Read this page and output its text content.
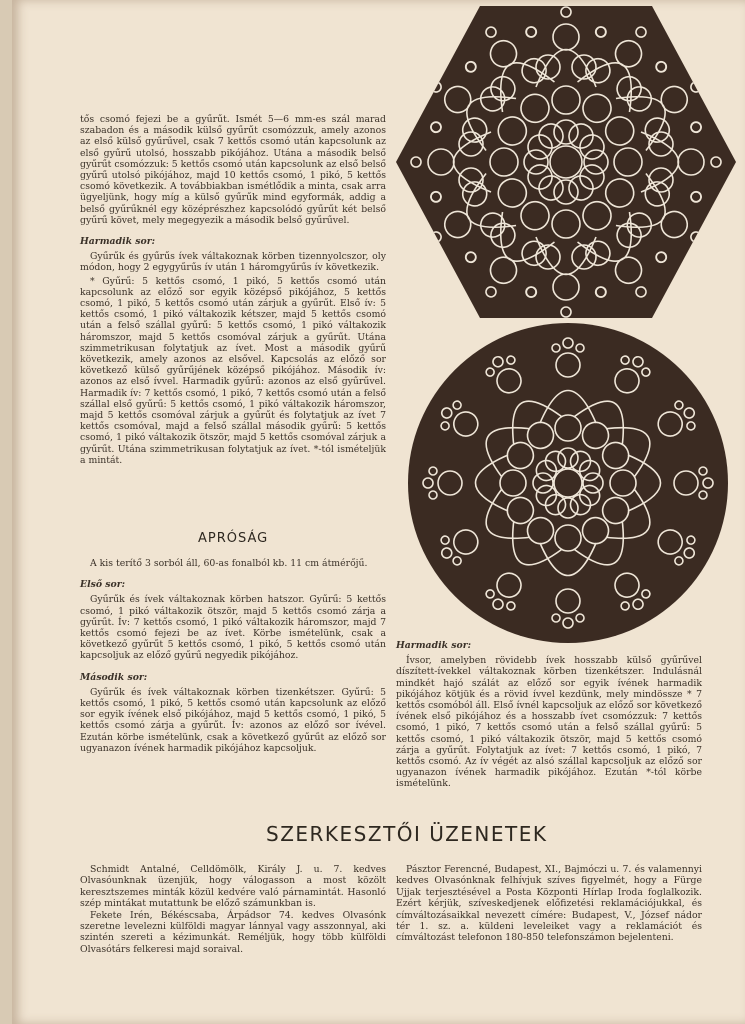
tős csomó fejezi be a gyűrűt. Ismét 5—6 mm-es szál marad szabadon és a második külső gyűrűt csomózzuk, amely azonos az első külső gyűrűvel, csak 7 kettős csomó után kapcsolunk az első gyűrű utolsó, hosszabb pikójához. Utána a második belső gyűrűt csomózzuk: 5 kettős csomó után kapcsolunk az első belső gyűrű utolsó pikójához, majd 10 kettős csomó, 1 pikó, 5 kettős csomó következik. A továbbiakban ismétlődik a minta, csak arra ügyeljünk, hogy míg a külső gyűrűk mind egyformák, addig a belső gyűrűknél egy középrészhez kapcsolódó gyűrűt két belső gyűrű követ, mely megegyezik a második belső gyűrűvel.

Harmadik sor:

Gyűrűk és gyűrűs ívek váltakoznak körben tizennyolcszor, oly módon, hogy 2 egygyűrűs ív után 1 háromgyűrűs ív következik.

* Gyűrű: 5 kettős csomó, 1 pikó, 5 kettős csomó után kapcsolunk az előző sor egyik középső pikójához, 5 kettős csomó, 1 pikó, 5 kettős csomó után zárjuk a gyűrűt. Első ív: 5 kettős csomó, 1 pikó váltakozik kétszer, majd 5 kettős csomó után a felső szállal gyűrű: 5 kettős csomó, 1 pikó váltakozik háromszor, majd 5 kettős csomóval zárjuk a gyűrűt. Utána szimmetrikusan folytatjuk az ívet. Most a második gyűrű következik, amely azonos az elsővel. Kapcsolás az előző sor következő külső gyűrűjének középső pikójához. Második ív: azonos az első ívvel. Harmadik gyűrű: azonos az első gyűrűvel. Harmadik ív: 7 kettős csomó, 1 pikó, 7 kettős csomó után a felső szállal első gyűrű: 5 kettős csomó, 1 pikó váltakozik háromszor, majd 5 kettős csomóval zárjuk a gyűrűt és folytatjuk az ívet 7 kettős csomóval, majd a felső szállal második gyűrű: 5 kettős csomó, 1 pikó váltakozik ötször, majd 5 kettős csomóval zárjuk a gyűrűt. Utána szimmetrikusan folytatjuk az ívet. *-tól ismételjük a mintát.

APRÓSÁG

A kis terítő 3 sorból áll, 60-as fonalból kb. 11 cm átmérőjű.

Első sor:

Gyűrűk és ívek váltakoznak körben hatszor. Gyűrű: 5 kettős csomó, 1 pikó váltakozik ötször, majd 5 kettős csomó zárja a gyűrűt. Ív: 7 kettős csomó, 1 pikó váltakozik háromszor, majd 7 kettős csomó fejezi be az ívet. Körbe ismételünk, csak a következő gyűrűt 5 kettős csomó, 1 pikó, 5 kettős csomó után kapcsoljuk az előző gyűrű negyedik pikójához.

Második sor:

Gyűrűk és ívek váltakoznak körben tizenkétszer. Gyűrű: 5 kettős csomó, 1 pikó, 5 kettős csomó után kapcsolunk az előző sor egyik ívének első pikójához, majd 5 kettős csomó, 1 pikó, 5 kettős csomó zárja a gyűrűt. Ív: azonos az előző sor ívével. Ezután körbe ismételünk, csak a következő gyűrűt az előző sor ugyanazon ívének harmadik pikójához kapcsoljuk.

Harmadik sor:

Ívsor, amelyben rövidebb ívek hosszabb külső gyűrűvel díszített-ívekkel váltakoznak körben tizenkétszer. Indulásnál mindkét hajó szálát az előző sor egyik ívének harmadik pikójához kötjük és a rövid ívvel kezdünk, mely mindössze * 7 kettős csomóból áll. Első ívnél kapcsoljuk az előző sor következő ívének első pikójához és a hosszabb ívet csomózzuk: 7 kettős csomó, 1 pikó, 7 kettős csomó után a felső szállal gyűrű: 5 kettős csomó, 1 pikó váltakozik ötször, majd 5 kettős csomó zárja a gyűrűt. Folytatjuk az ívet: 7 kettős csomó, 1 pikó, 7 kettős csomó. Az ív végét az alsó szállal kapcsoljuk az előző sor ugyanazon ívének harmadik pikójához. Ezután *-tól körbe ismételünk.

SZERKESZTŐI ÜZENETEK

Schmidt Antalné, Celldömölk, Király J. u. 7. kedves Olvasóunknak üzenjük, hogy válogasson a most közölt keresztszemes minták közül kedvére való párnamintát. Hasonló szép mintákat mutattunk be előző számunkban is.

Fekete Irén, Békéscsaba, Árpádsor 74. kedves Olvasónk szeretne levelezni külföldi magyar lánnyal vagy asszonnyal, aki szintén szereti a kézimunkát. Reméljük, hogy több külföldi Olvasótárs felkeresi majd soraival.

Pásztor Ferencné, Budapest, XI., Bajmóczi u. 7. és valamennyi kedves Olvasónknak felhívjuk szíves figyelmét, hogy a Fürge Ujjak terjesztésével a Posta Központi Hírlap Iroda foglalkozik. Ezért kérjük, szíveskedjenek előfizetési reklamációjukkal, és címváltozásaikkal nevezett címére: Budapest, V., József nádor tér 1. sz. a. küldeni leveleiket vagy a reklamációt és címváltozást telefonon 180-850 telefonszámon bejelenteni.
